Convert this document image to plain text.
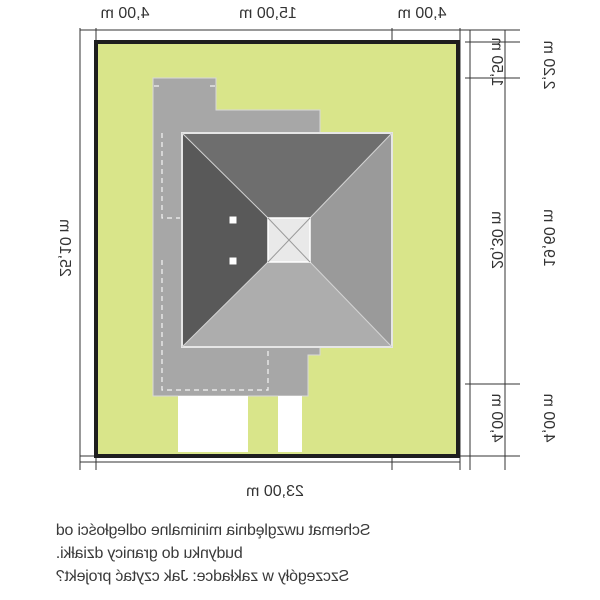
4,00 m	15,00 m	4,00 m
23,00 m
25,10 m
1,50 m
20,30 m
4,00 m
2,20 m
19,60 m
4,00 m
Schemat uwzględnia minimalne odległości od
budynku do granicy działki.
Szczegóły w zakładce: Jak czytać projekt?
